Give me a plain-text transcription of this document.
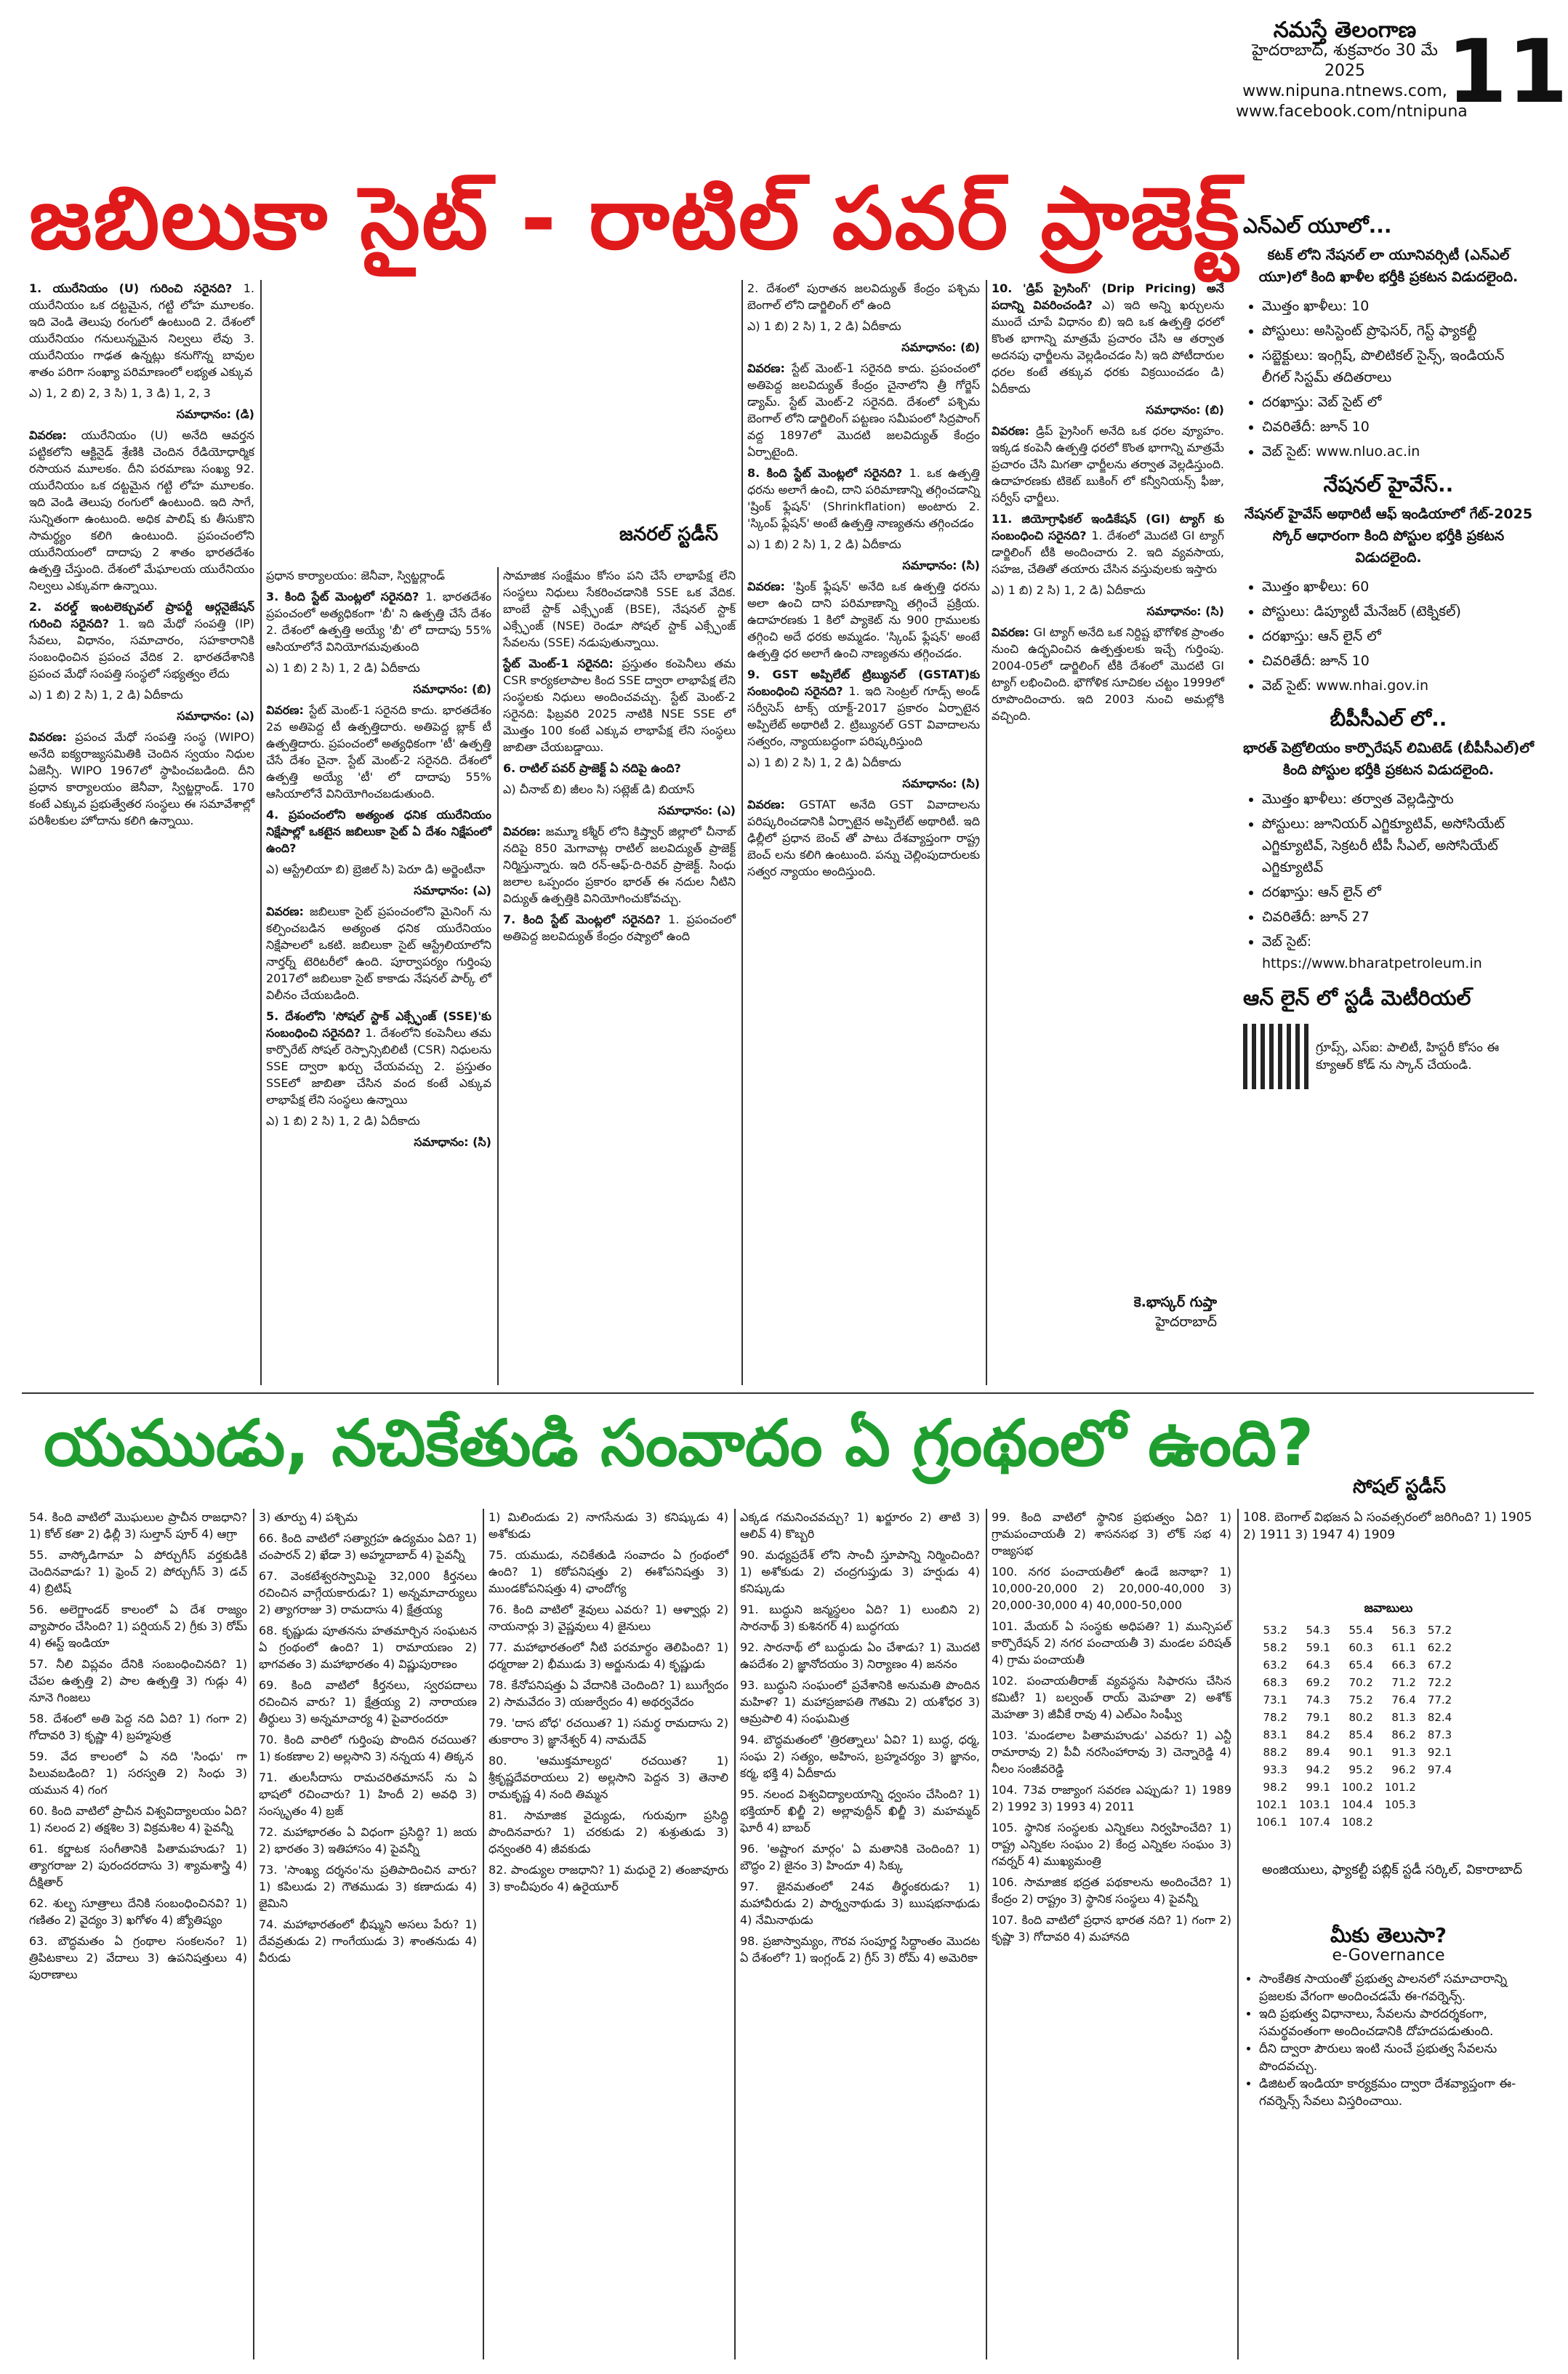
నమస్తే తెలంగాణ
హైదరాబాద్, శుక్రవారం 30 మే 2025
www.nipuna.ntnews.com,
www.facebook.com/ntnipuna
11
జబిలుకా సైట్ - రాటిల్ పవర్ ప్రాజెక్ట్
జనరల్ స్టడీస్

1. యురేనియం (U) గురించి సరైనది? 1. యురేనియం ఒక దట్టమైన, గట్టి లోహ మూలకం. ఇది వెండి తెలుపు రంగులో ఉంటుంది 2. దేశంలో యురేనియం గనులున్నమైన నిల్వలు లేవు 3. యురేనియం గాఢత ఉన్నట్లు కనుగొన్న బావుల శాతం పరిగా సంఖ్యా పరిమాణంలో లభ్యత ఎక్కువ

ఎ) 1, 2 బి) 2, 3 సి) 1, 3 డి) 1, 2, 3

సమాధానం: (డి)

వివరణ: యురేనియం (U) అనేది ఆవర్తన పట్టికలోని ఆక్టినైడ్ శ్రేణికి చెందిన రేడియోధార్మిక రసాయన మూలకం. దీని పరమాణు సంఖ్య 92. యురేనియం ఒక దట్టమైన గట్టి లోహ మూలకం. ఇది వెండి తెలుపు రంగులో ఉంటుంది. ఇది సాగే, సున్నితంగా ఉంటుంది. అధిక పాలిష్ కు తీసుకొని సామర్థ్యం కలిగి ఉంటుంది. ప్రపంచంలోని యురేనియంలో దాదాపు 2 శాతం భారతదేశం ఉత్పత్తి చేస్తుంది. దేశంలో మేఘాలయ యురేనియం నిల్వలు ఎక్కువగా ఉన్నాయి.

2. వరల్డ్ ఇంటలెక్చువల్ ప్రాపర్టీ ఆర్గనైజేషన్ గురించి సరైనది? 1. ఇది మేధో సంపత్తి (IP) సేవలు, విధానం, సమాచారం, సహకారానికి సంబంధించిన ప్రపంచ వేదిక 2. భారతదేశానికి ప్రపంచ మేధో సంపత్తి సంస్థలో సభ్యత్వం లేదు

ఎ) 1 బి) 2 సి) 1, 2 డి) ఏదీకాదు

సమాధానం: (ఎ)

వివరణ: ప్రపంచ మేధో సంపత్తి సంస్థ (WIPO) అనేది ఐక్యరాజ్యసమితికి చెందిన స్వయం నిధుల ఏజెన్సీ. WIPO 1967లో స్థాపించబడింది. దీని ప్రధాన కార్యాలయం జెనీవా, స్విట్జర్లాండ్. 170 కంటే ఎక్కువ ప్రభుత్వేతర సంస్థలు ఈ సమావేశాల్లో పరిశీలకుల హోదాను కలిగి ఉన్నాయి.

ప్రధాన కార్యాలయం: జెనీవా, స్విట్జర్లాండ్

3. కింది స్టేట్ మెంట్లలో సరైనది? 1. భారతదేశం ప్రపంచంలో అత్యధికంగా 'బీ' ని ఉత్పత్తి చేసే దేశం 2. దేశంలో ఉత్పత్తి అయ్యే 'బీ' లో దాదాపు 55% ఆసియాలోనే వినియోగమవుతుంది

ఎ) 1 బి) 2 సి) 1, 2 డి) ఏదీకాదు

సమాధానం: (బి)

వివరణ: స్టేట్ మెంట్-1 సరైనది కాదు. భారతదేశం 2వ అతిపెద్ద టీ ఉత్పత్తిదారు. అతిపెద్ద బ్లాక్ టీ ఉత్పత్తిదారు. ప్రపంచంలో అత్యధికంగా 'టీ' ఉత్పత్తి చేసే దేశం చైనా. స్టేట్ మెంట్-2 సరైనది. దేశంలో ఉత్పత్తి అయ్యే 'టీ' లో దాదాపు 55% ఆసియాలోనే వినియోగించబడుతుంది.

4. ప్రపంచంలోని అత్యంత ధనిక యురేనియం నిక్షేపాల్లో ఒకటైన జబిలుకా సైట్ ఏ దేశం నిక్షేపంలో ఉంది?

ఎ) ఆస్ట్రేలియా బి) బ్రెజిల్ సి) పెరూ డి) అర్జెంటీనా

సమాధానం: (ఎ)

వివరణ: జబిలుకా సైట్ ప్రపంచంలోని మైనింగ్ ను కల్పించబడిన అత్యంత ధనిక యురేనియం నిక్షేపాలలో ఒకటి. జబిలుకా సైట్ ఆస్ట్రేలియాలోని నార్తర్న్ టెరిటరీలో ఉంది. పూర్వాపర్యం గుర్తింపు 2017లో జబిలుకా సైట్ కాకాడు నేషనల్ పార్క్ లో విలీనం చేయబడింది.

5. దేశంలోని 'సోషల్ స్టాక్ ఎక్స్ఛేంజ్ (SSE)'కు సంబంధించి సరైనది? 1. దేశంలోని కంపెనీలు తమ కార్పొరేట్ సోషల్ రెస్పాన్సిబిలిటీ (CSR) నిధులను SSE ద్వారా ఖర్చు చేయవచ్చు 2. ప్రస్తుతం SSEలో జాబితా చేసిన వంద కంటే ఎక్కువ లాభాపేక్ష లేని సంస్థలు ఉన్నాయి

ఎ) 1 బి) 2 సి) 1, 2 డి) ఏదీకాదు

సమాధానం: (సి)

సామాజిక సంక్షేమం కోసం పని చేసే లాభాపేక్ష లేని సంస్థలు నిధులు సేకరించడానికి SSE ఒక వేదిక. బాంబే స్టాక్ ఎక్స్ఛేంజ్ (BSE), నేషనల్ స్టాక్ ఎక్స్ఛేంజ్ (NSE) రెండూ సోషల్ స్టాక్ ఎక్స్ఛేంజ్ సేవలను (SSE) నడుపుతున్నాయి.

స్టేట్ మెంట్-1 సరైనది: ప్రస్తుతం కంపెనీలు తమ CSR కార్యకలాపాల కింద SSE ద్వారా లాభాపేక్ష లేని సంస్థలకు నిధులు అందించవచ్చు. స్టేట్ మెంట్-2 సరైనది: ఫిబ్రవరి 2025 నాటికి NSE SSE లో మొత్తం 100 కంటే ఎక్కువ లాభాపేక్ష లేని సంస్థలు జాబితా చేయబడ్డాయి.

6. రాటిల్ పవర్ ప్రాజెక్ట్ ఏ నదిపై ఉంది?

ఎ) చీనాబ్ బి) జీలం సి) సట్లెజ్ డి) బియాస్

సమాధానం: (ఎ)

వివరణ: జమ్మూ కశ్మీర్ లోని కిష్త్వార్ జిల్లాలో చీనాబ్ నదిపై 850 మెగావాట్ల రాటిల్ జలవిద్యుత్ ప్రాజెక్ట్ నిర్మిస్తున్నారు. ఇది రన్-ఆఫ్-ది-రివర్ ప్రాజెక్ట్. సింధు జలాల ఒప్పందం ప్రకారం భారత్ ఈ నదుల నీటిని విద్యుత్ ఉత్పత్తికి వినియోగించుకోవచ్చు.

7. కింది స్టేట్ మెంట్లలో సరైనది? 1. ప్రపంచంలో అతిపెద్ద జలవిద్యుత్ కేంద్రం రష్యాలో ఉంది

2. దేశంలో పురాతన జలవిద్యుత్ కేంద్రం పశ్చిమ బెంగాల్ లోని డార్జిలింగ్ లో ఉంది

ఎ) 1 బి) 2 సి) 1, 2 డి) ఏదీకాదు

సమాధానం: (బి)

వివరణ: స్టేట్ మెంట్-1 సరైనది కాదు. ప్రపంచంలో అతిపెద్ద జలవిద్యుత్ కేంద్రం చైనాలోని త్రీ గోర్జెస్ డ్యామ్. స్టేట్ మెంట్-2 సరైనది. దేశంలో పశ్చిమ బెంగాల్ లోని డార్జిలింగ్ పట్టణం సమీపంలో సిద్రపాంగ్ వద్ద 1897లో మొదటి జలవిద్యుత్ కేంద్రం ఏర్పాటైంది.

8. కింది స్టేట్ మెంట్లలో సరైనది? 1. ఒక ఉత్పత్తి ధరను అలాగే ఉంచి, దాని పరిమాణాన్ని తగ్గించడాన్ని 'ష్రింక్ ఫ్లేషన్' (Shrinkflation) అంటారు 2. 'స్కింప్ ఫ్లేషన్' అంటే ఉత్పత్తి నాణ్యతను తగ్గించడం

ఎ) 1 బి) 2 సి) 1, 2 డి) ఏదీకాదు

సమాధానం: (సి)

వివరణ: 'ష్రింక్ ఫ్లేషన్' అనేది ఒక ఉత్పత్తి ధరను అలా ఉంచి దాని పరిమాణాన్ని తగ్గించే ప్రక్రియ. ఉదాహరణకు 1 కిలో ప్యాకెట్ ను 900 గ్రాములకు తగ్గించి అదే ధరకు అమ్మడం. 'స్కింప్ ఫ్లేషన్' అంటే ఉత్పత్తి ధర అలాగే ఉంచి నాణ్యతను తగ్గించడం.

9. GST అప్పిలేట్ ట్రిబ్యునల్ (GSTAT)కు సంబంధించి సరైనది? 1. ఇది సెంట్రల్ గూడ్స్ అండ్ సర్వీసెస్ టాక్స్ యాక్ట్-2017 ప్రకారం ఏర్పాటైన అప్పిలేట్ అథారిటీ 2. ట్రిబ్యునల్ GST వివాదాలను సత్వరం, న్యాయబద్ధంగా పరిష్కరిస్తుంది

ఎ) 1 బి) 2 సి) 1, 2 డి) ఏదీకాదు

సమాధానం: (సి)

వివరణ: GSTAT అనేది GST వివాదాలను పరిష్కరించడానికి ఏర్పాటైన అప్పిలేట్ అథారిటీ. ఇది ఢిల్లీలో ప్రధాన బెంచ్ తో పాటు దేశవ్యాప్తంగా రాష్ట్ర బెంచ్ లను కలిగి ఉంటుంది. పన్ను చెల్లింపుదారులకు సత్వర న్యాయం అందిస్తుంది.

10. 'డ్రిప్ ప్రైసింగ్' (Drip Pricing) అనే పదాన్ని వివరించండి? ఎ) ఇది అన్ని ఖర్చులను ముందే చూపే విధానం బి) ఇది ఒక ఉత్పత్తి ధరలో కొంత భాగాన్ని మాత్రమే ప్రచారం చేసి ఆ తర్వాత అదనపు ఛార్జీలను వెల్లడించడం సి) ఇది పోటీదారుల ధరల కంటే తక్కువ ధరకు విక్రయించడం డి) ఏదీకాదు

సమాధానం: (బి)

వివరణ: డ్రిప్ ప్రైసింగ్ అనేది ఒక ధరల వ్యూహం. ఇక్కడ కంపెనీ ఉత్పత్తి ధరలో కొంత భాగాన్ని మాత్రమే ప్రచారం చేసి మిగతా ఛార్జీలను తర్వాత వెల్లడిస్తుంది. ఉదాహరణకు టికెట్ బుకింగ్ లో కన్వీనియన్స్ ఫీజు, సర్వీస్ ఛార్జీలు.

11. జియోగ్రాఫికల్ ఇండికేషన్ (GI) ట్యాగ్ కు సంబంధించి సరైనది? 1. దేశంలో మొదటి GI ట్యాగ్ డార్జిలింగ్ టీకి అందించారు 2. ఇది వ్యవసాయ, సహజ, చేతితో తయారు చేసిన వస్తువులకు ఇస్తారు

ఎ) 1 బి) 2 సి) 1, 2 డి) ఏదీకాదు

సమాధానం: (సి)

వివరణ: GI ట్యాగ్ అనేది ఒక నిర్దిష్ట భౌగోళిక ప్రాంతం నుంచి ఉద్భవించిన ఉత్పత్తులకు ఇచ్చే గుర్తింపు. 2004-05లో డార్జిలింగ్ టీకి దేశంలో మొదటి GI ట్యాగ్ లభించింది. భౌగోళిక సూచికల చట్టం 1999లో రూపొందించారు. ఇది 2003 నుంచి అమల్లోకి వచ్చింది.

కె.భాస్కర్ గుప్తా
హైదరాబాద్
ఎన్ఎల్ యూలో...
కటక్ లోని నేషనల్ లా యూనివర్సిటీ (ఎన్ఎల్ యూ)లో కింది ఖాళీల భర్తీకి ప్రకటన విడుదలైంది.
• మొత్తం ఖాళీలు: 10
• పోస్టులు: అసిస్టెంట్ ప్రొఫెసర్, గెస్ట్ ఫ్యాకల్టీ
• సబ్జెక్టులు: ఇంగ్లిష్, పొలిటికల్ సైన్స్, ఇండియన్ లీగల్ సిస్టమ్ తదితరాలు
• దరఖాస్తు: వెబ్ సైట్ లో
• చివరితేదీ: జూన్ 10
• వెబ్ సైట్: www.nluo.ac.in
నేషనల్ హైవేస్..
నేషనల్ హైవేస్ అథారిటీ ఆఫ్ ఇండియాలో గేట్-2025 స్కోర్ ఆధారంగా కింది పోస్టుల భర్తీకి ప్రకటన విడుదలైంది.
• మొత్తం ఖాళీలు: 60
• పోస్టులు: డిప్యూటీ మేనేజర్ (టెక్నికల్)
• దరఖాస్తు: ఆన్ లైన్ లో
• చివరితేదీ: జూన్ 10
• వెబ్ సైట్: www.nhai.gov.in
బీపీసీఎల్ లో..
భారత్ పెట్రోలియం కార్పొరేషన్ లిమిటెడ్ (బీపీసీఎల్)లో కింది పోస్టుల భర్తీకి ప్రకటన విడుదలైంది.
• మొత్తం ఖాళీలు: తర్వాత వెల్లడిస్తారు
• పోస్టులు: జూనియర్ ఎగ్జిక్యూటివ్, అసోసియేట్ ఎగ్జిక్యూటివ్, సెక్రటరీ టీపీ సీఎల్, అసోసియేట్ ఎగ్జిక్యూటివ్
• దరఖాస్తు: ఆన్ లైన్ లో
• చివరితేదీ: జూన్ 27
• వెబ్ సైట్: https://www.bharatpetroleum.in
ఆన్ లైన్ లో స్టడీ మెటీరియల్
గ్రూప్స్, ఎస్ఐ: పాలిటీ, హిస్టరీ కోసం ఈ క్యూఆర్ కోడ్ ను స్కాన్ చేయండి.
యముడు, నచికేతుడి సంవాదం ఏ గ్రంథంలో ఉంది?
సోషల్ స్టడీస్

54. కింది వాటిలో మొఘలుల ప్రాచీన రాజధాని? 1) కోల్ కతా 2) ఢిల్లీ 3) సుల్తాన్ పూర్ 4) ఆగ్రా

55. వాస్కోడిగామా ఏ పోర్చుగీస్ వర్తకుడికి చెందినవాడు? 1) ఫ్రెంచ్ 2) పోర్చుగీస్ 3) డచ్ 4) బ్రిటిష్

56. అలెగ్జాండర్ కాలంలో ఏ దేశ రాజ్యం వ్యాపారం చేసింది? 1) పర్షియన్ 2) గ్రీకు 3) రోమ్ 4) ఈస్ట్ ఇండియా

57. నీలి విప్లవం దేనికి సంబంధించినది? 1) చేపల ఉత్పత్తి 2) పాల ఉత్పత్తి 3) గుడ్లు 4) నూనె గింజలు

58. దేశంలో అతి పెద్ద నది ఏది? 1) గంగా 2) గోదావరి 3) కృష్ణా 4) బ్రహ్మపుత్ర

59. వేద కాలంలో ఏ నది 'సింధు' గా పిలువబడింది? 1) సరస్వతి 2) సింధు 3) యమున 4) గంగ

60. కింది వాటిలో ప్రాచీన విశ్వవిద్యాలయం ఏది? 1) నలంద 2) తక్షశిల 3) విక్రమశిల 4) పైవన్నీ

61. కర్ణాటక సంగీతానికి పితామహుడు? 1) త్యాగరాజు 2) పురందరదాసు 3) శ్యామశాస్త్రి 4) దీక్షితార్

62. శుల్బ సూత్రాలు దేనికి సంబంధించినవి? 1) గణితం 2) వైద్యం 3) ఖగోళం 4) జ్యోతిష్యం

63. బౌద్ధమతం ఏ గ్రంథాల సంకలనం? 1) త్రిపిటకాలు 2) వేదాలు 3) ఉపనిషత్తులు 4) పురాణాలు

3) తూర్పు 4) పశ్చిమ

66. కింది వాటిలో సత్యాగ్రహ ఉద్యమం ఏది? 1) చంపారన్ 2) ఖేడా 3) అహ్మదాబాద్ 4) పైవన్నీ

67. వెంకటేశ్వరస్వామిపై 32,000 కీర్తనలు రచించిన వాగ్గేయకారుడు? 1) అన్నమాచార్యులు 2) త్యాగరాజు 3) రామదాసు 4) క్షేత్రయ్య

68. కృష్ణుడు పూతనను హతమార్చిన సంఘటన ఏ గ్రంథంలో ఉంది? 1) రామాయణం 2) భాగవతం 3) మహాభారతం 4) విష్ణుపురాణం

69. కింది వాటిలో కీర్తనలు, స్వరపదాలు రచించిన వారు? 1) క్షేత్రయ్య 2) నారాయణ తీర్థులు 3) అన్నమాచార్య 4) పైవారందరూ

70. కింది వారిలో గుర్తింపు పొందిన రచయిత? 1) కంకణాల 2) అల్లసాని 3) నన్నయ 4) తిక్కన

71. తులసీదాసు రామచరితమానస్ ను ఏ భాషలో రచించారు? 1) హిందీ 2) అవధి 3) సంస్కృతం 4) బ్రజ్

72. మహాభారతం ఏ విధంగా ప్రసిద్ధి? 1) జయ 2) భారతం 3) ఇతిహాసం 4) పైవన్నీ

73. 'సాంఖ్య దర్శనం'ను ప్రతిపాదించిన వారు? 1) కపిలుడు 2) గౌతముడు 3) కణాదుడు 4) జైమిని

74. మహాభారతంలో భీష్ముని అసలు పేరు? 1) దేవవ్రతుడు 2) గాంగేయుడు 3) శాంతనుడు 4) వీరుడు

1) మిలిందుడు 2) నాగసేనుడు 3) కనిష్కుడు 4) అశోకుడు

75. యముడు, నచికేతుడి సంవాదం ఏ గ్రంథంలో ఉంది? 1) కఠోపనిషత్తు 2) ఈశోపనిషత్తు 3) ముండకోపనిషత్తు 4) ఛాందోగ్య

76. కింది వాటిలో శైవులు ఎవరు? 1) ఆళ్వార్లు 2) నాయనార్లు 3) వైష్ణవులు 4) జైనులు

77. మహాభారతంలో నీటి పరమార్థం తెలిపింది? 1) ధర్మరాజు 2) భీముడు 3) అర్జునుడు 4) కృష్ణుడు

78. కేనోపనిషత్తు ఏ వేదానికి చెందింది? 1) ఋగ్వేదం 2) సామవేదం 3) యజుర్వేదం 4) అథర్వవేదం

79. 'దాస బోధ' రచయిత? 1) సమర్థ రామదాసు 2) తుకారాం 3) జ్ఞానేశ్వర్ 4) నామదేవ్

80. 'ఆముక్తమాల్యద' రచయిత? 1) శ్రీకృష్ణదేవరాయలు 2) అల్లసాని పెద్దన 3) తెనాలి రామకృష్ణ 4) నంది తిమ్మన

81. సామాజిక వైద్యుడు, గురువుగా ప్రసిద్ధి పొందినవారు? 1) చరకుడు 2) శుశ్రుతుడు 3) ధన్వంతరి 4) జీవకుడు

82. పాండ్యుల రాజధాని? 1) మధురై 2) తంజావూరు 3) కాంచీపురం 4) ఉరైయూర్

ఎక్కడ గమనించవచ్చు? 1) ఖర్జూరం 2) తాటి 3) ఆలివ్ 4) కొబ్బరి

90. మధ్యప్రదేశ్ లోని సాంచీ స్తూపాన్ని నిర్మించింది? 1) అశోకుడు 2) చంద్రగుప్తుడు 3) హర్షుడు 4) కనిష్కుడు

91. బుద్ధుని జన్మస్థలం ఏది? 1) లుంబిని 2) సారనాథ్ 3) కుశినగర్ 4) బుద్ధగయ

92. సారనాథ్ లో బుద్ధుడు ఏం చేశాడు? 1) మొదటి ఉపదేశం 2) జ్ఞానోదయం 3) నిర్యాణం 4) జననం

93. బుద్ధుని సంఘంలో ప్రవేశానికి అనుమతి పొందిన మహిళ? 1) మహాప్రజాపతి గౌతమి 2) యశోధర 3) ఆమ్రపాలి 4) సంఘమిత్ర

94. బౌద్ధమతంలో 'త్రిరత్నాలు' ఏవి? 1) బుద్ధ, ధర్మ, సంఘ 2) సత్యం, అహింస, బ్రహ్మచర్యం 3) జ్ఞానం, కర్మ, భక్తి 4) ఏదీకాదు

95. నలంద విశ్వవిద్యాలయాన్ని ధ్వంసం చేసింది? 1) భక్తియార్ ఖిల్జీ 2) అల్లావుద్దీన్ ఖిల్జీ 3) మహమ్మద్ ఘోరీ 4) బాబర్

96. 'అష్టాంగ మార్గం' ఏ మతానికి చెందింది? 1) బౌద్ధం 2) జైనం 3) హిందూ 4) సిక్కు

97. జైనమతంలో 24వ తీర్థంకరుడు? 1) మహావీరుడు 2) పార్శ్వనాథుడు 3) ఋషభనాథుడు 4) నేమినాథుడు

98. ప్రజాస్వామ్యం, గౌరవ సంపూర్ణ సిద్ధాంతం మొదట ఏ దేశంలో? 1) ఇంగ్లండ్ 2) గ్రీస్ 3) రోమ్ 4) అమెరికా

99. కింది వాటిలో స్థానిక ప్రభుత్వం ఏది? 1) గ్రామపంచాయతీ 2) శాసనసభ 3) లోక్ సభ 4) రాజ్యసభ

100. నగర పంచాయతీలో ఉండే జనాభా? 1) 10,000-20,000 2) 20,000-40,000 3) 20,000-30,000 4) 40,000-50,000

101. మేయర్ ఏ సంస్థకు అధిపతి? 1) మున్సిపల్ కార్పొరేషన్ 2) నగర పంచాయతీ 3) మండల పరిషత్ 4) గ్రామ పంచాయతీ

102. పంచాయతీరాజ్ వ్యవస్థను సిఫారసు చేసిన కమిటీ? 1) బల్వంత్ రాయ్ మెహతా 2) అశోక్ మెహతా 3) జీవీకే రావు 4) ఎల్ఎం సింఘ్వీ

103. 'మండలాల పితామహుడు' ఎవరు? 1) ఎన్టీ రామారావు 2) పీవీ నరసింహారావు 3) చెన్నారెడ్డి 4) నీలం సంజీవరెడ్డి

104. 73వ రాజ్యాంగ సవరణ ఎప్పుడు? 1) 1989 2) 1992 3) 1993 4) 2011

105. స్థానిక సంస్థలకు ఎన్నికలు నిర్వహించేది? 1) రాష్ట్ర ఎన్నికల సంఘం 2) కేంద్ర ఎన్నికల సంఘం 3) గవర్నర్ 4) ముఖ్యమంత్రి

106. సామాజిక భద్రత పథకాలను అందించేది? 1) కేంద్రం 2) రాష్ట్రం 3) స్థానిక సంస్థలు 4) పైవన్నీ

107. కింది వాటిలో ప్రధాన భారత నది? 1) గంగా 2) కృష్ణా 3) గోదావరి 4) మహానది

108. బెంగాల్ విభజన ఏ సంవత్సరంలో జరిగింది? 1) 1905 2) 1911 3) 1947 4) 1909
జవాబులు
53.2	54.3	55.4	56.3	57.2
58.2	59.1	60.3	61.1	62.2
63.2	64.3	65.4	66.3	67.2
68.3	69.2	70.2	71.2	72.2
73.1	74.3	75.2	76.4	77.2
78.2	79.1	80.2	81.3	82.4
83.1	84.2	85.4	86.2	87.3
88.2	89.4	90.1	91.3	92.1
93.3	94.2	95.2	96.2	97.4
98.2	99.1	100.2	101.2	
102.1	103.1	104.4	105.3	
106.1	107.4	108.2		
అంజియులు, ఫ్యాకల్టీ పబ్లిక్ స్టడీ సర్కిల్, వికారాబాద్
మీకు తెలుసా?
e-Governance
• సాంకేతిక సాయంతో ప్రభుత్వ పాలనలో సమాచారాన్ని ప్రజలకు వేగంగా అందించడమే ఈ-గవర్నెన్స్.
• ఇది ప్రభుత్వ విధానాలు, సేవలను పారదర్శకంగా, సమర్థవంతంగా అందించడానికి దోహదపడుతుంది.
• దీని ద్వారా పౌరులు ఇంటి నుంచే ప్రభుత్వ సేవలను పొందవచ్చు.
• డిజిటల్ ఇండియా కార్యక్రమం ద్వారా దేశవ్యాప్తంగా ఈ-గవర్నెన్స్ సేవలు విస్తరించాయి.
